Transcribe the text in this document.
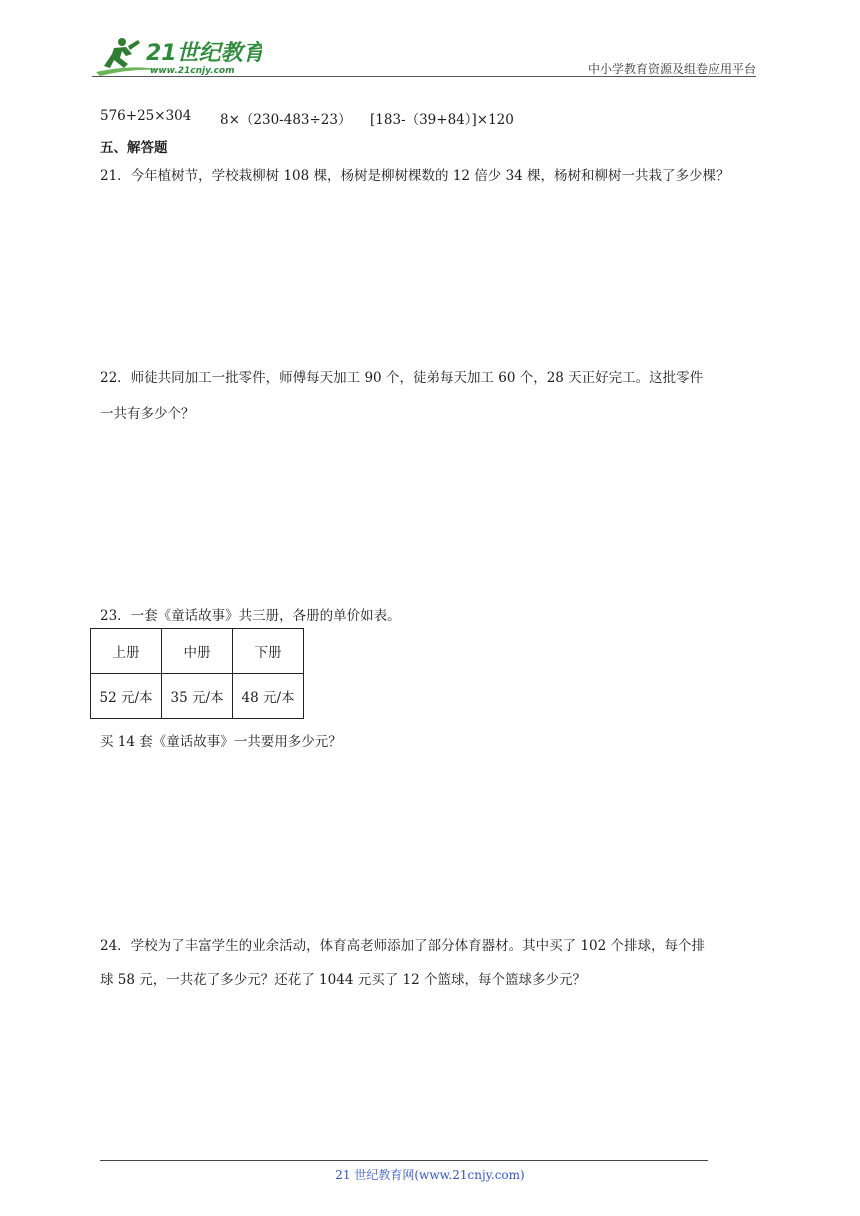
21世纪教育
www.21cnjy.com	中小学教育资源及组卷应用平台
576+25×304 8×（230-483÷23） [183-（39+84）]×120
五、解答题
21．今年植树节，学校栽柳树 108 棵，杨树是柳树棵数的 12 倍少 34 棵，杨树和柳树一共栽了多少棵？
22．师徒共同加工一批零件，师傅每天加工 90 个，徒弟每天加工 60 个，28 天正好完工。这批零件
一共有多少个？
23．一套《童话故事》共三册，各册的单价如表。
上册	中册	下册
52 元/本	35 元/本	48 元/本
买 14 套《童话故事》一共要用多少元？
24．学校为了丰富学生的业余活动，体育高老师添加了部分体育器材。其中买了 102 个排球，每个排
球 58 元，一共花了多少元？还花了 1044 元买了 12 个篮球，每个篮球多少元？
21 世纪教育网(www.21cnjy.com)
